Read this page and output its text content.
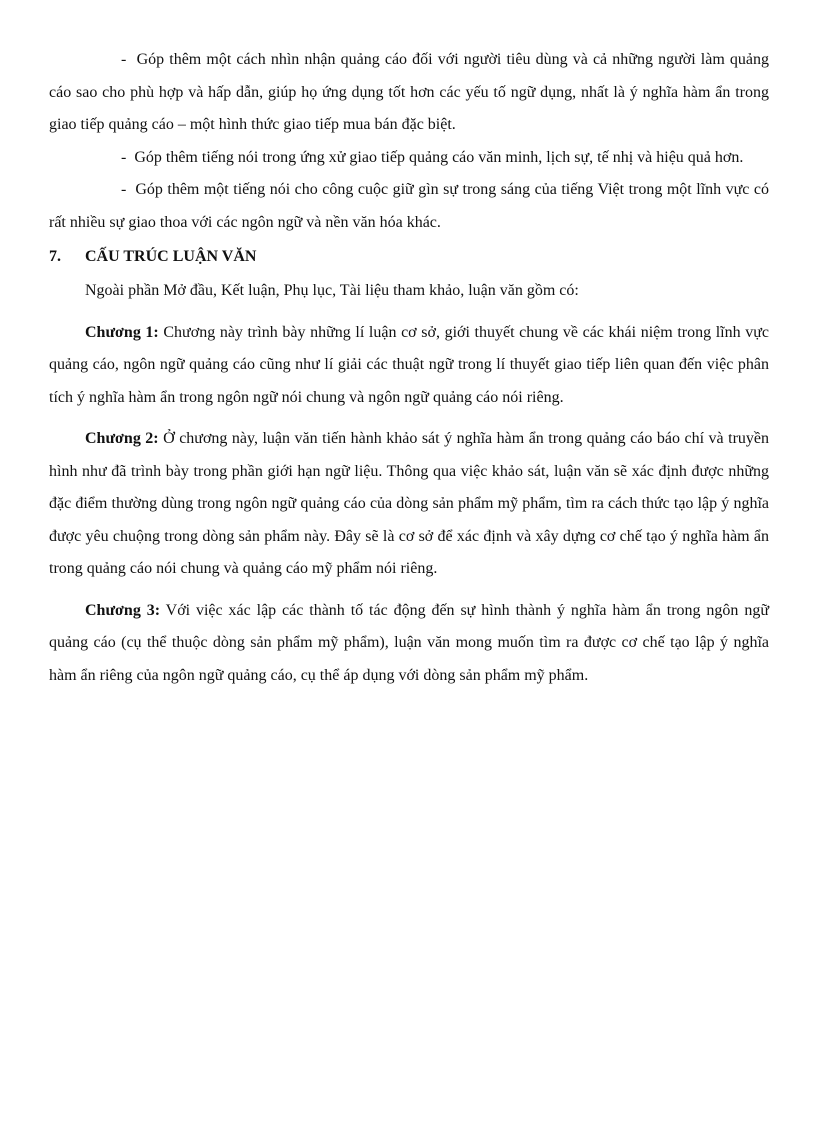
- Góp thêm một cách nhìn nhận quảng cáo đối với người tiêu dùng và cả những người làm quảng cáo sao cho phù hợp và hấp dẫn, giúp họ ứng dụng tốt hơn các yếu tố ngữ dụng, nhất là ý nghĩa hàm ẩn trong giao tiếp quảng cáo – một hình thức giao tiếp mua bán đặc biệt.

- Góp thêm tiếng nói trong ứng xử giao tiếp quảng cáo văn minh, lịch sự, tế nhị và hiệu quả hơn.

- Góp thêm một tiếng nói cho công cuộc giữ gìn sự trong sáng của tiếng Việt trong một lĩnh vực có rất nhiều sự giao thoa với các ngôn ngữ và nền văn hóa khác.

7. CẤU TRÚC LUẬN VĂN

Ngoài phần Mở đầu, Kết luận, Phụ lục, Tài liệu tham khảo, luận văn gồm có:

Chương 1: Chương này trình bày những lí luận cơ sở, giới thuyết chung về các khái niệm trong lĩnh vực quảng cáo, ngôn ngữ quảng cáo cũng như lí giải các thuật ngữ trong lí thuyết giao tiếp liên quan đến việc phân tích ý nghĩa hàm ẩn trong ngôn ngữ nói chung và ngôn ngữ quảng cáo nói riêng.

Chương 2: Ở chương này, luận văn tiến hành khảo sát ý nghĩa hàm ẩn trong quảng cáo báo chí và truyền hình như đã trình bày trong phần giới hạn ngữ liệu. Thông qua việc khảo sát, luận văn sẽ xác định được những đặc điểm thường dùng trong ngôn ngữ quảng cáo của dòng sản phẩm mỹ phẩm, tìm ra cách thức tạo lập ý nghĩa được yêu chuộng trong dòng sản phẩm này. Đây sẽ là cơ sở để xác định và xây dựng cơ chế tạo ý nghĩa hàm ẩn trong quảng cáo nói chung và quảng cáo mỹ phẩm nói riêng.

Chương 3: Với việc xác lập các thành tố tác động đến sự hình thành ý nghĩa hàm ẩn trong ngôn ngữ quảng cáo (cụ thể thuộc dòng sản phẩm mỹ phẩm), luận văn mong muốn tìm ra được cơ chế tạo lập ý nghĩa hàm ẩn riêng của ngôn ngữ quảng cáo, cụ thể áp dụng với dòng sản phẩm mỹ phẩm.
